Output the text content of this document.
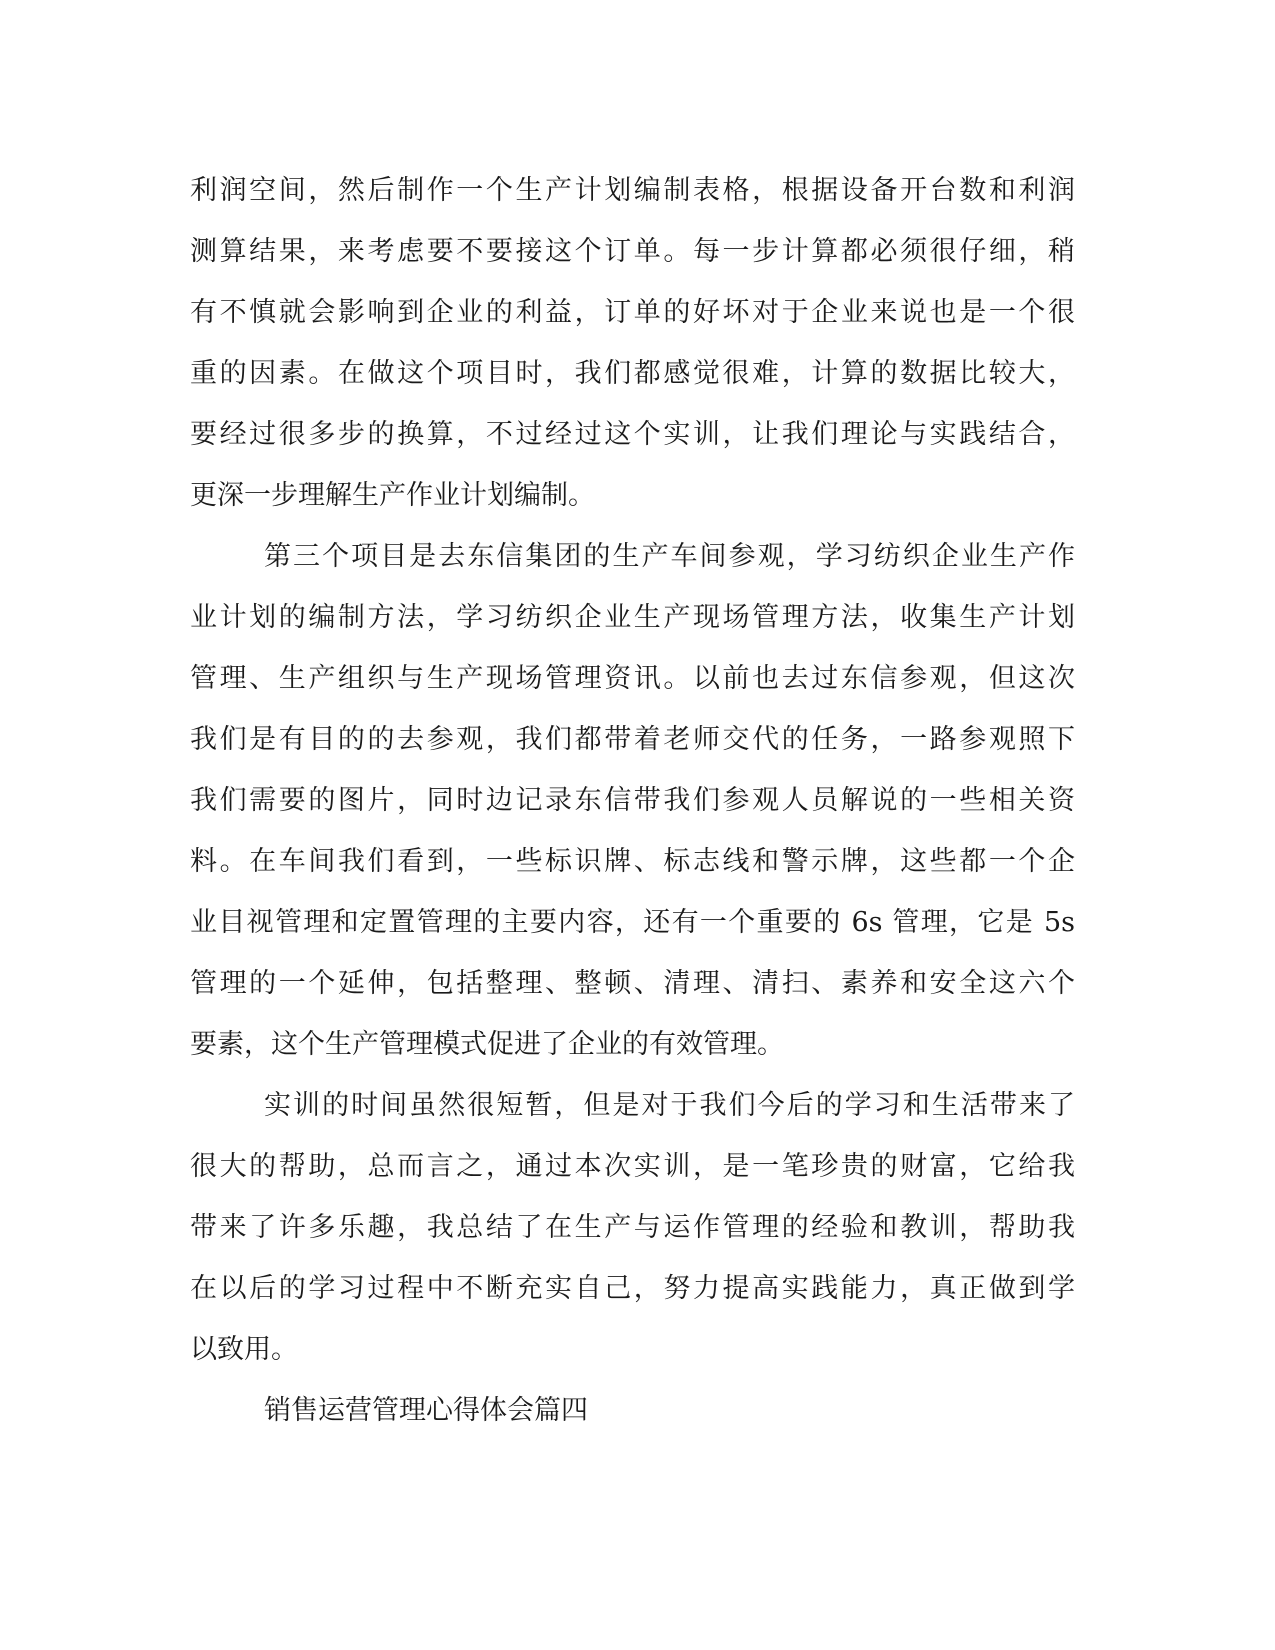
利润空间，然后制作一个生产计划编制表格，根据设备开台数和利润
测算结果，来考虑要不要接这个订单。每一步计算都必须很仔细，稍
有不慎就会影响到企业的利益，订单的好坏对于企业来说也是一个很
重的因素。在做这个项目时，我们都感觉很难，计算的数据比较大，
要经过很多步的换算，不过经过这个实训，让我们理论与实践结合，
更深一步理解生产作业计划编制。
第三个项目是去东信集团的生产车间参观，学习纺织企业生产作
业计划的编制方法，学习纺织企业生产现场管理方法，收集生产计划
管理、生产组织与生产现场管理资讯。以前也去过东信参观，但这次
我们是有目的的去参观，我们都带着老师交代的任务，一路参观照下
我们需要的图片，同时边记录东信带我们参观人员解说的一些相关资
料。在车间我们看到，一些标识牌、标志线和警示牌，这些都一个企
业目视管理和定置管理的主要内容，还有一个重要的 6s 管理，它是 5s
管理的一个延伸，包括整理、整顿、清理、清扫、素养和安全这六个
要素，这个生产管理模式促进了企业的有效管理。
实训的时间虽然很短暂，但是对于我们今后的学习和生活带来了
很大的帮助，总而言之，通过本次实训，是一笔珍贵的财富，它给我
带来了许多乐趣，我总结了在生产与运作管理的经验和教训，帮助我
在以后的学习过程中不断充实自己，努力提高实践能力，真正做到学
以致用。
销售运营管理心得体会篇四
